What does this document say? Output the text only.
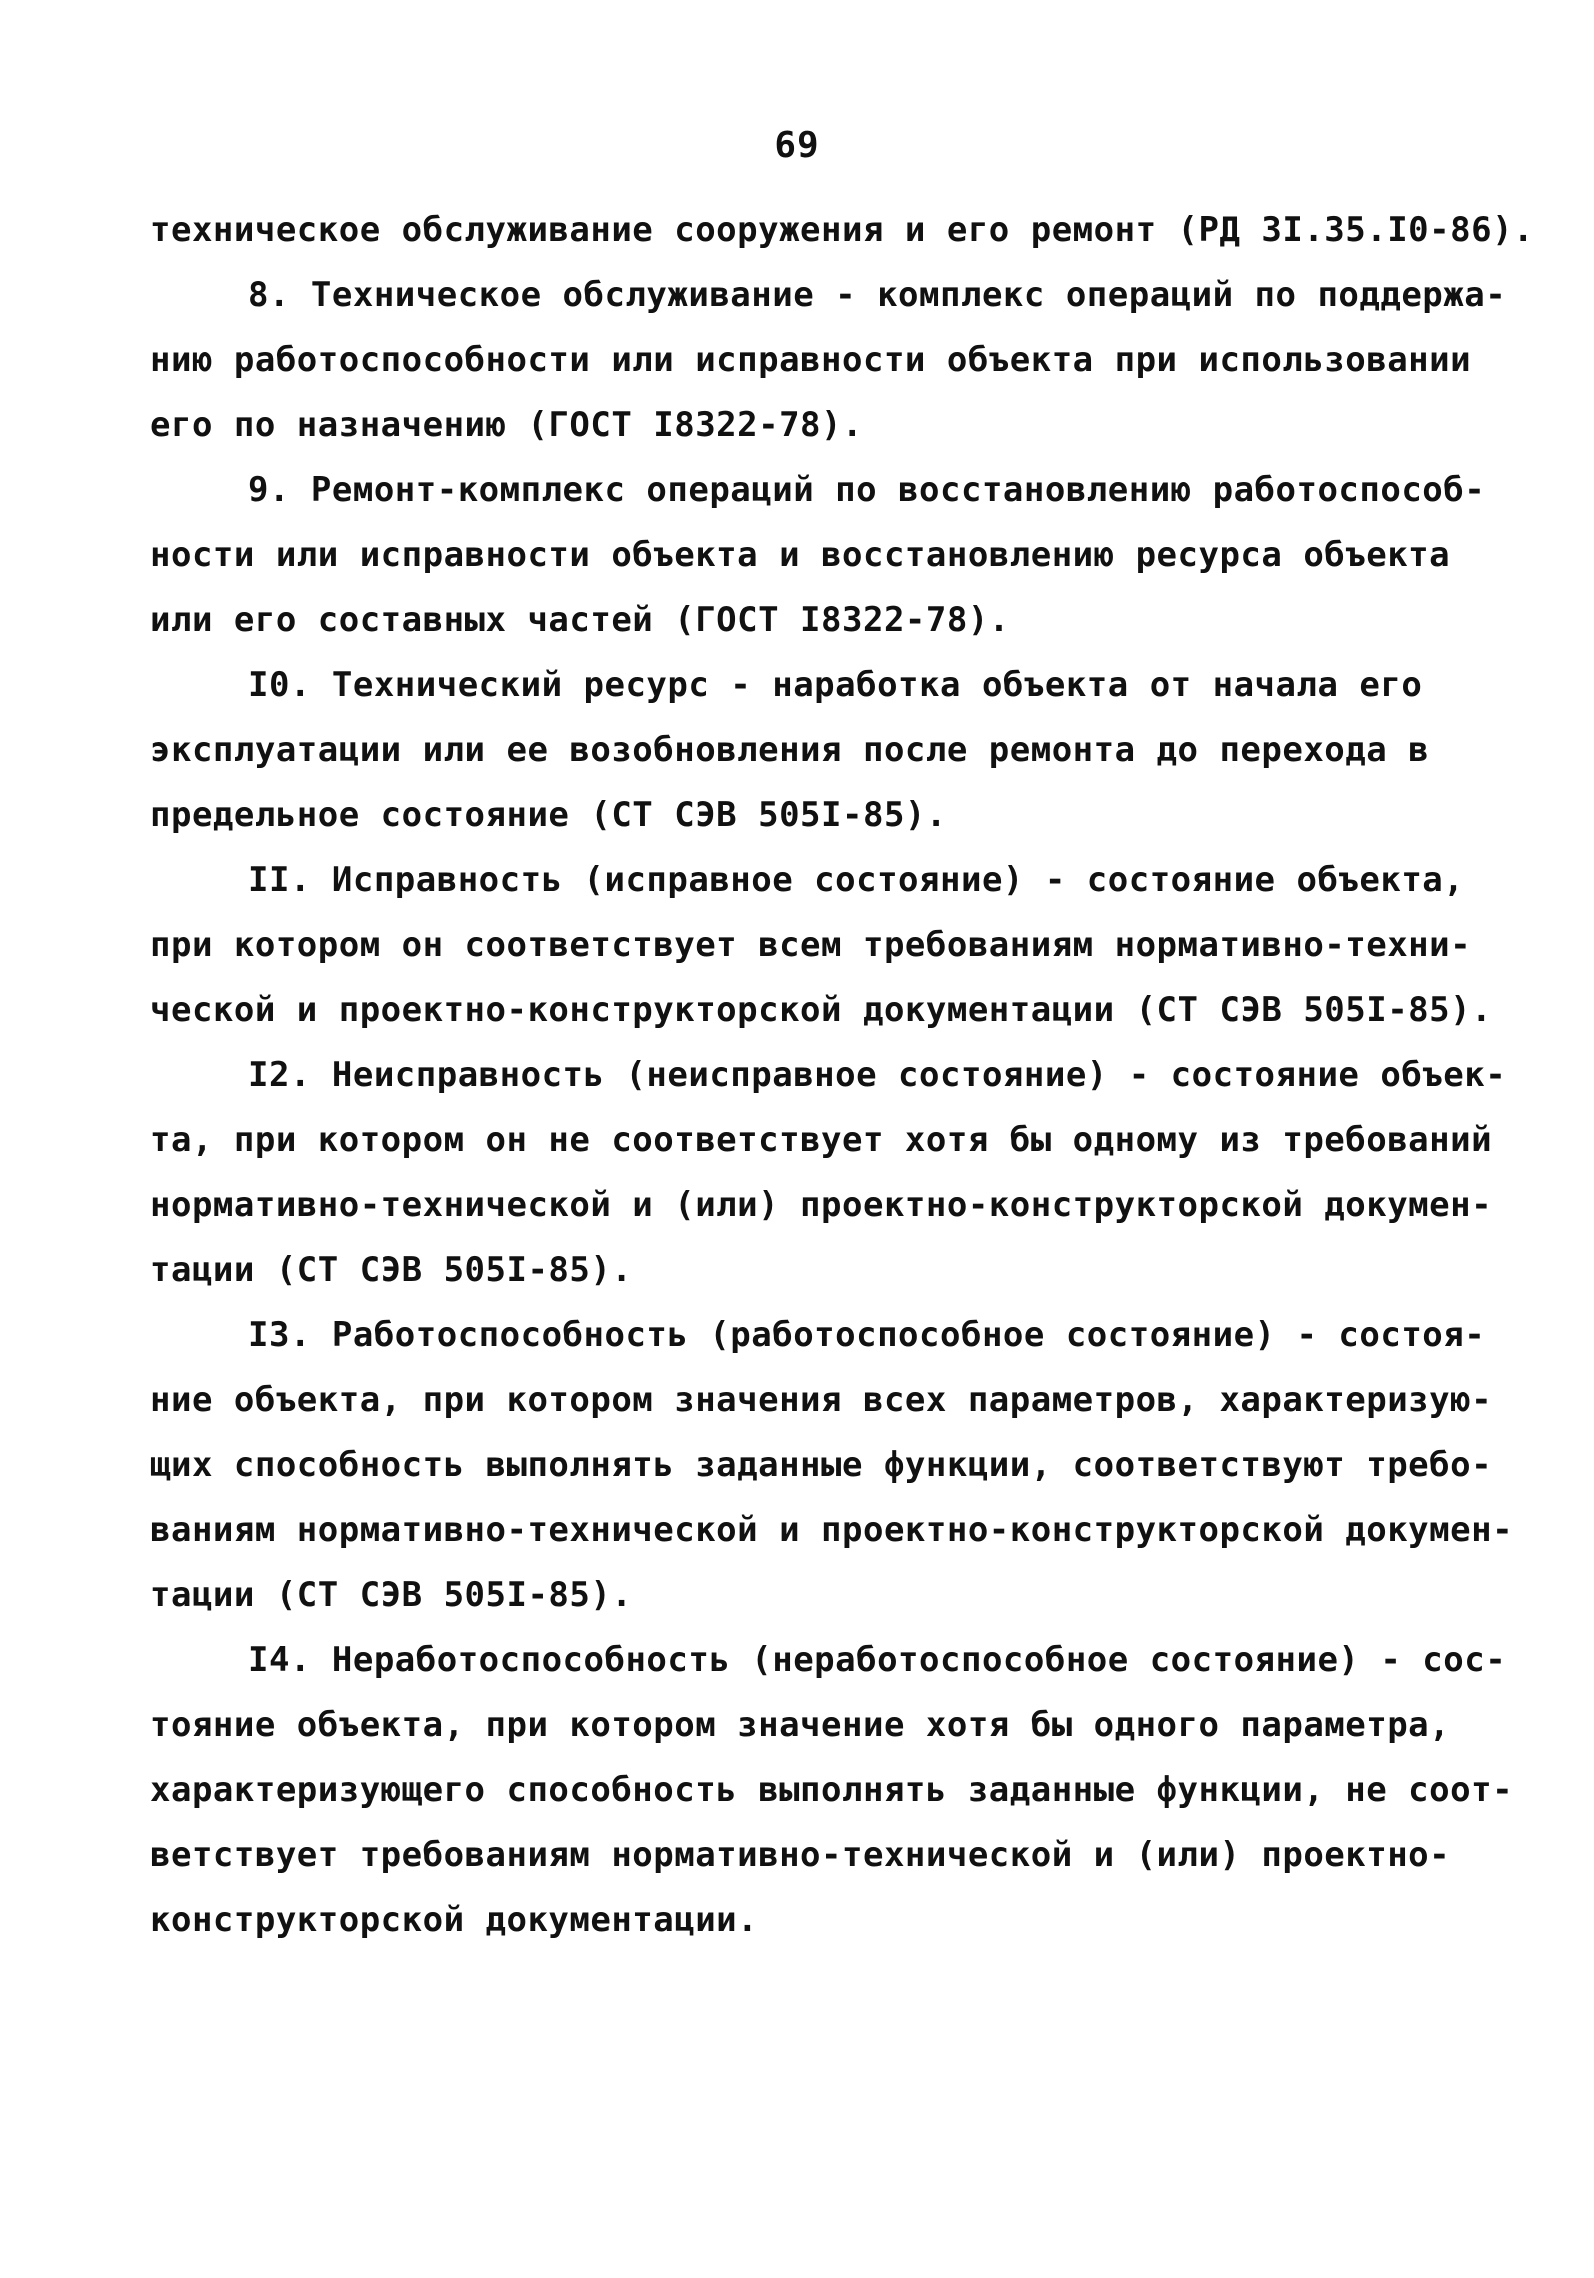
69
техническое обслуживание сооружения и его ремонт (РД 3I.35.I0-86).
8. Техническое обслуживание - комплекс операций по поддержа-
нию работоспособности или исправности объекта при использовании
его по назначению (ГОСТ I8322-78).
9. Ремонт-комплекс операций по восстановлению работоспособ-
ности или исправности объекта и восстановлению ресурса объекта
или его составных частей (ГОСТ I8322-78).
I0. Технический ресурс - наработка объекта от начала его
эксплуатации или ее возобновления после ремонта до перехода в
предельное состояние (СТ СЭВ 505I-85).
II. Исправность (исправное состояние) - состояние объекта,
при котором он соответствует всем требованиям нормативно-техни-
ческой и проектно-конструкторской документации (СТ СЭВ 505I-85).
I2. Неисправность (неисправное состояние) - состояние объек-
та, при котором он не соответствует хотя бы одному из требований
нормативно-технической и (или) проектно-конструкторской докумен-
тации (СТ СЭВ 505I-85).
I3. Работоспособность (работоспособное состояние) - состоя-
ние объекта, при котором значения всех параметров, характеризую-
щих способность выполнять заданные функции, соответствуют требо-
ваниям нормативно-технической и проектно-конструкторской докумен-
тации (СТ СЭВ 505I-85).
I4. Неработоспособность (неработоспособное состояние) - сос-
тояние объекта, при котором значение хотя бы одного параметра,
характеризующего способность выполнять заданные функции, не соот-
ветствует требованиям нормативно-технической и (или) проектно-
конструкторской документации.
